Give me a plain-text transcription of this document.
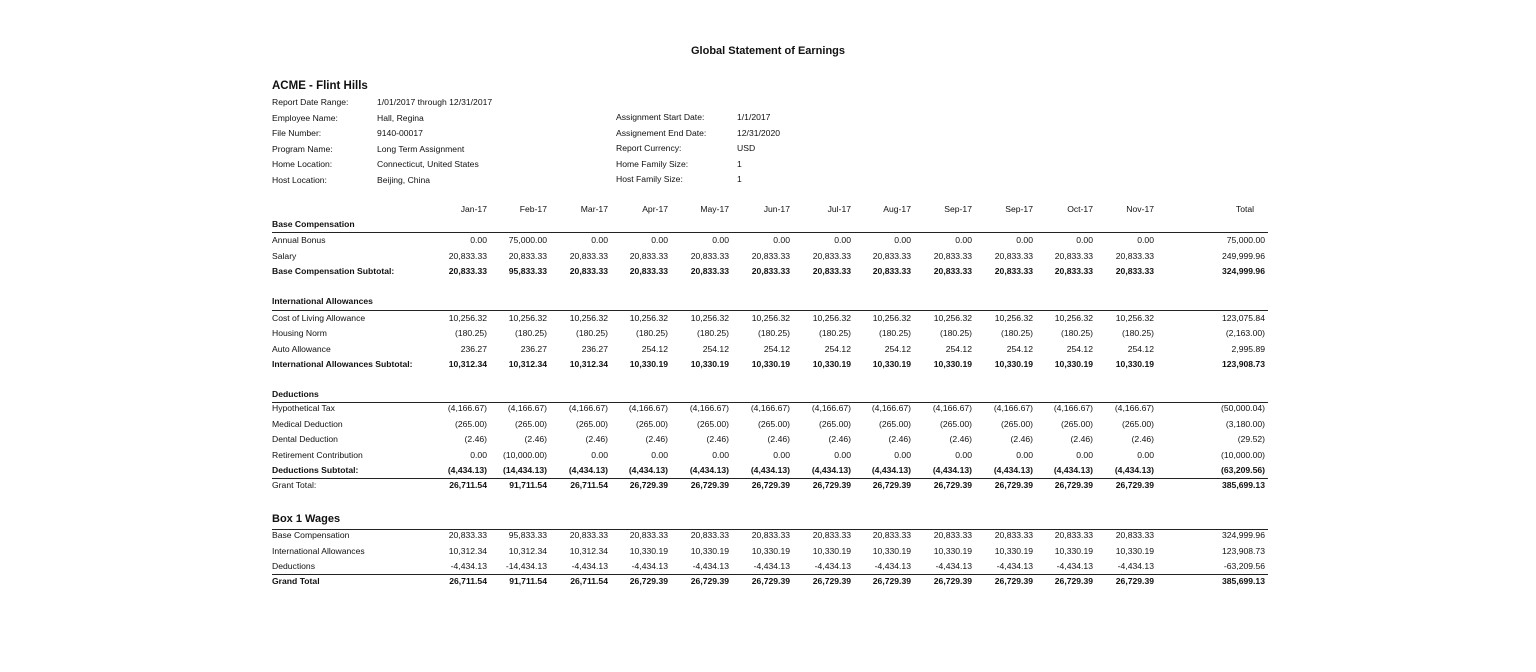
Global Statement of Earnings
ACME - Flint Hills
Report Date Range:	1/01/2017 through 12/31/2017
Employee Name:	Hall, Regina
File Number:	9140-00017
Program Name:	Long Term Assignment
Home Location:	Connecticut, United States
Host Location:	Beijing, China
Assignment Start Date:	1/1/2017
Assignement End Date:	12/31/2020
Report Currency:	USD
Home Family Size:	1
Host Family Size:	1
Jan-17	Feb-17	Mar-17	Apr-17	May-17	Jun-17	Jul-17	Aug-17	Sep-17	Sep-17	Oct-17	Nov-17	Total
Base Compensation
Annual Bonus	0.00	75,000.00	0.00	0.00	0.00	0.00	0.00	0.00	0.00	0.00	0.00	0.00	75,000.00
Salary	20,833.33	20,833.33	20,833.33	20,833.33	20,833.33	20,833.33	20,833.33	20,833.33	20,833.33	20,833.33	20,833.33	20,833.33	249,999.96
Base Compensation Subtotal:	20,833.33	95,833.33	20,833.33	20,833.33	20,833.33	20,833.33	20,833.33	20,833.33	20,833.33	20,833.33	20,833.33	20,833.33	324,999.96
International Allowances
Cost of Living Allowance	10,256.32	10,256.32	10,256.32	10,256.32	10,256.32	10,256.32	10,256.32	10,256.32	10,256.32	10,256.32	10,256.32	10,256.32	123,075.84
Housing Norm	(180.25)	(180.25)	(180.25)	(180.25)	(180.25)	(180.25)	(180.25)	(180.25)	(180.25)	(180.25)	(180.25)	(180.25)	(2,163.00)
Auto Allowance	236.27	236.27	236.27	254.12	254.12	254.12	254.12	254.12	254.12	254.12	254.12	254.12	2,995.89
International Allowances Subtotal:	10,312.34	10,312.34	10,312.34	10,330.19	10,330.19	10,330.19	10,330.19	10,330.19	10,330.19	10,330.19	10,330.19	10,330.19	123,908.73
Deductions
Hypothetical Tax	(4,166.67)	(4,166.67)	(4,166.67)	(4,166.67)	(4,166.67)	(4,166.67)	(4,166.67)	(4,166.67)	(4,166.67)	(4,166.67)	(4,166.67)	(4,166.67)	(50,000.04)
Medical Deduction	(265.00)	(265.00)	(265.00)	(265.00)	(265.00)	(265.00)	(265.00)	(265.00)	(265.00)	(265.00)	(265.00)	(265.00)	(3,180.00)
Dental Deduction	(2.46)	(2.46)	(2.46)	(2.46)	(2.46)	(2.46)	(2.46)	(2.46)	(2.46)	(2.46)	(2.46)	(2.46)	(29.52)
Retirement Contribution	0.00	(10,000.00)	0.00	0.00	0.00	0.00	0.00	0.00	0.00	0.00	0.00	0.00	(10,000.00)
Deductions Subtotal:	(4,434.13)	(14,434.13)	(4,434.13)	(4,434.13)	(4,434.13)	(4,434.13)	(4,434.13)	(4,434.13)	(4,434.13)	(4,434.13)	(4,434.13)	(4,434.13)	(63,209.56)
Grant Total:	26,711.54	91,711.54	26,711.54	26,729.39	26,729.39	26,729.39	26,729.39	26,729.39	26,729.39	26,729.39	26,729.39	26,729.39	385,699.13
Box 1 Wages
Base Compensation	20,833.33	95,833.33	20,833.33	20,833.33	20,833.33	20,833.33	20,833.33	20,833.33	20,833.33	20,833.33	20,833.33	20,833.33	324,999.96
International Allowances	10,312.34	10,312.34	10,312.34	10,330.19	10,330.19	10,330.19	10,330.19	10,330.19	10,330.19	10,330.19	10,330.19	10,330.19	123,908.73
Deductions	-4,434.13	-14,434.13	-4,434.13	-4,434.13	-4,434.13	-4,434.13	-4,434.13	-4,434.13	-4,434.13	-4,434.13	-4,434.13	-4,434.13	-63,209.56
Grand Total	26,711.54	91,711.54	26,711.54	26,729.39	26,729.39	26,729.39	26,729.39	26,729.39	26,729.39	26,729.39	26,729.39	26,729.39	385,699.13
